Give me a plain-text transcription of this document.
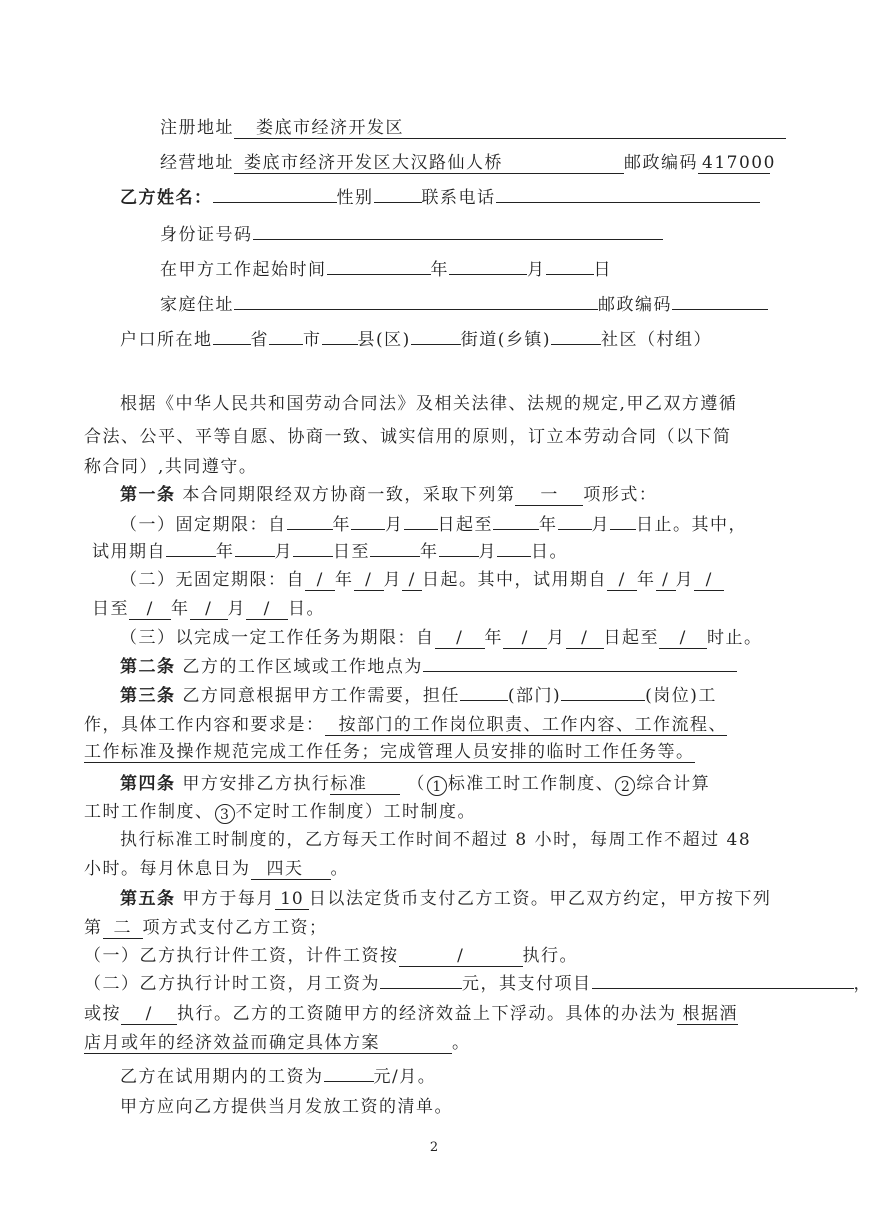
注册地址 娄底市经济开发区
经营地址 娄底市经济开发区大汉路仙人桥	邮政编码 417000
乙方姓名：	性别	联系电话
身份证号码
在甲方工作起始时间	年	月	日
家庭住址	邮政编码
户口所在地 省 市 县(区)	街道(乡镇)	社区（村组）
根据《中华人民共和国劳动合同法》及相关法律、法规的规定,甲乙双方遵循
合法、公平、平等自愿、协商一致、诚实信用的原则，订立本劳动合同（以下简
称合同）,共同遵守。
第一条 本合同期限经双方协商一致，采取下列第 一 项形式：
（一）固定期限：自	年 月 日起至	年 月 日止。其中，
试用期自	年 月 日至	年 月 日。
（二）无固定期限：自 / 年 / 月 / 日起。其中，试用期自 / 年 / 月 /
日至 / 年 / 月 / 日。
（三）以完成一定工作任务为期限：自 / 年 / 月 / 日起至 / 时止。
第二条 乙方的工作区域或工作地点为
第三条 乙方同意根据甲方工作需要，担任	(部门)	(岗位)工
作，具体工作内容和要求是： 按部门的工作岗位职责、工作内容、工作流程、
工作标准及操作规范完成工作任务；完成管理人员安排的临时工作任务等。
第四条 甲方安排乙方执行标准 （ 1 标准工时工作制度、 2 综合计算
工时工作制度、 3 不定时工作制度）工时制度。
执行标准工时制度的，乙方每天工作时间不超过 8 小时，每周工作不超过 48
小时。每月休息日为 四天 。
第五条 甲方于每月 10 日以法定货币支付乙方工资。甲乙双方约定，甲方按下列
第 二 项方式支付乙方工资；
（一）乙方执行计件工资，计件工资按	/	执行。
（二）乙方执行计时工资，月工资为	元，其支付项目	，
或按 / 执行。乙方的工资随甲方的经济效益上下浮动。具体的办法为 根据酒
店月或年的经济效益而确定具体方案	。
乙方在试用期内的工资为	元/月。
甲方应向乙方提供当月发放工资的清单。
2
